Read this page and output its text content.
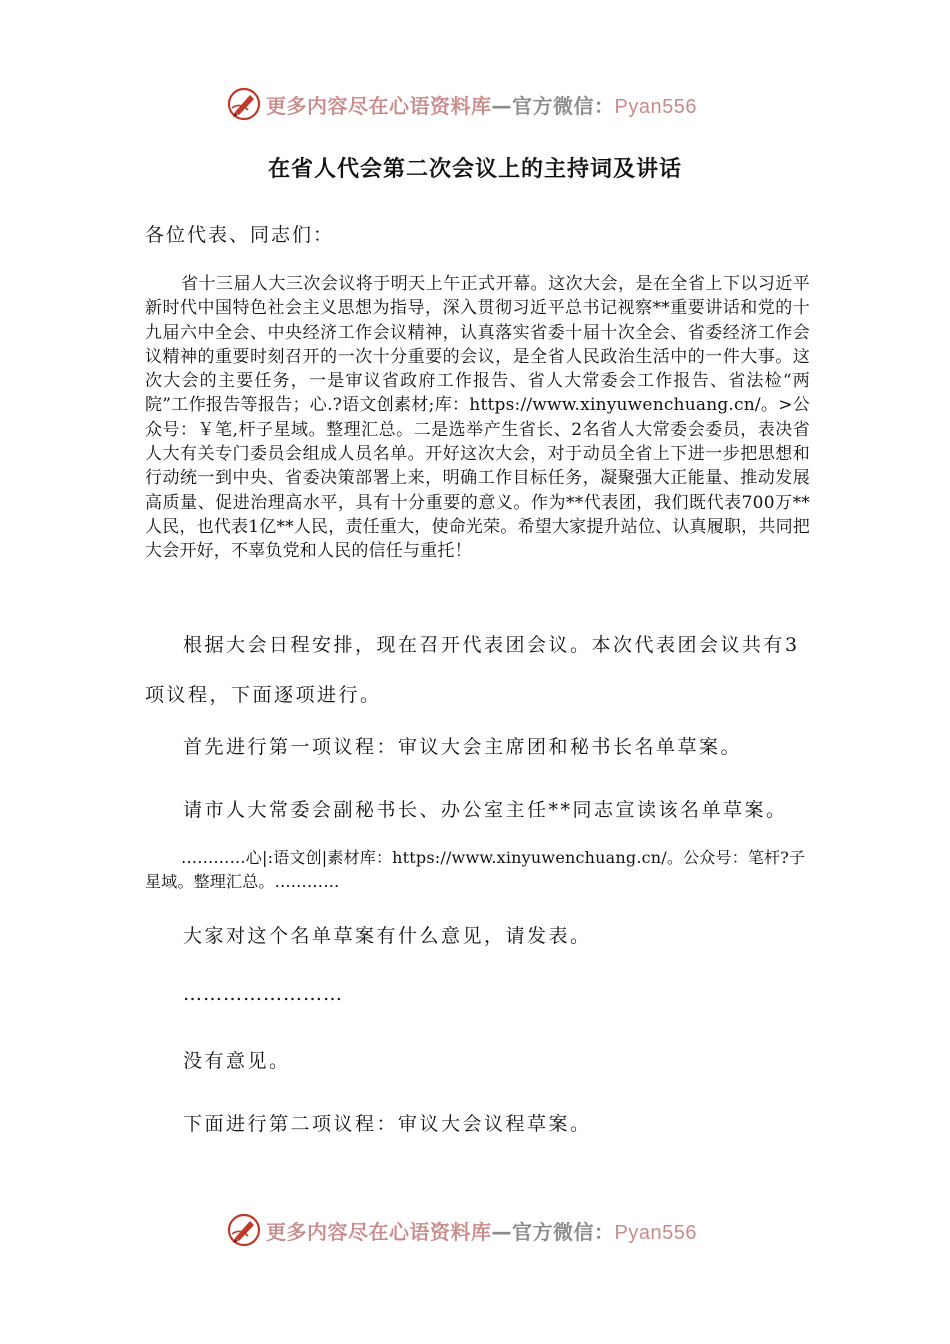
更多内容尽在心语资料库—官方微信：Pyan556
在省人代会第二次会议上的主持词及讲话

各位代表、同志们：

省十三届人大三次会议将于明天上午正式开幕。这次大会，是在全省上下以习近平新时代中国特色社会主义思想为指导，深入贯彻习近平总书记视察**重要讲话和党的十九届六中全会、中央经济工作会议精神，认真落实省委十届十次全会、省委经济工作会议精神的重要时刻召开的一次十分重要的会议，是全省人民政治生活中的一件大事。这次大会的主要任务，一是审议省政府工作报告、省人大常委会工作报告、省法检“两院”工作报告等报告；心.?语文创素材;库：https://www.xinyuwenchuang.cn/。>公众号：￥笔,杆子星域。整理汇总。二是选举产生省长、2名省人大常委会委员，表决省人大有关专门委员会组成人员名单。开好这次大会，对于动员全省上下进一步把思想和行动统一到中央、省委决策部署上来，明确工作目标任务，凝聚强大正能量、推动发展高质量、促进治理高水平，具有十分重要的意义。作为**代表团，我们既代表700万**人民，也代表1亿**人民，责任重大，使命光荣。希望大家提升站位、认真履职，共同把大会开好，不辜负党和人民的信任与重托！

根据大会日程安排，现在召开代表团会议。本次代表团会议共有3项议程，下面逐项进行。

首先进行第一项议程：审议大会主席团和秘书长名单草案。

请市人大常委会副秘书长、办公室主任**同志宣读该名单草案。

…………心|:语文创|素材库：https://www.xinyuwenchuang.cn/。公众号：笔杆?子星域。整理汇总。…………

大家对这个名单草案有什么意见，请发表。

……………………

没有意见。

下面进行第二项议程：审议大会议程草案。

更多内容尽在心语资料库—官方微信：Pyan556
